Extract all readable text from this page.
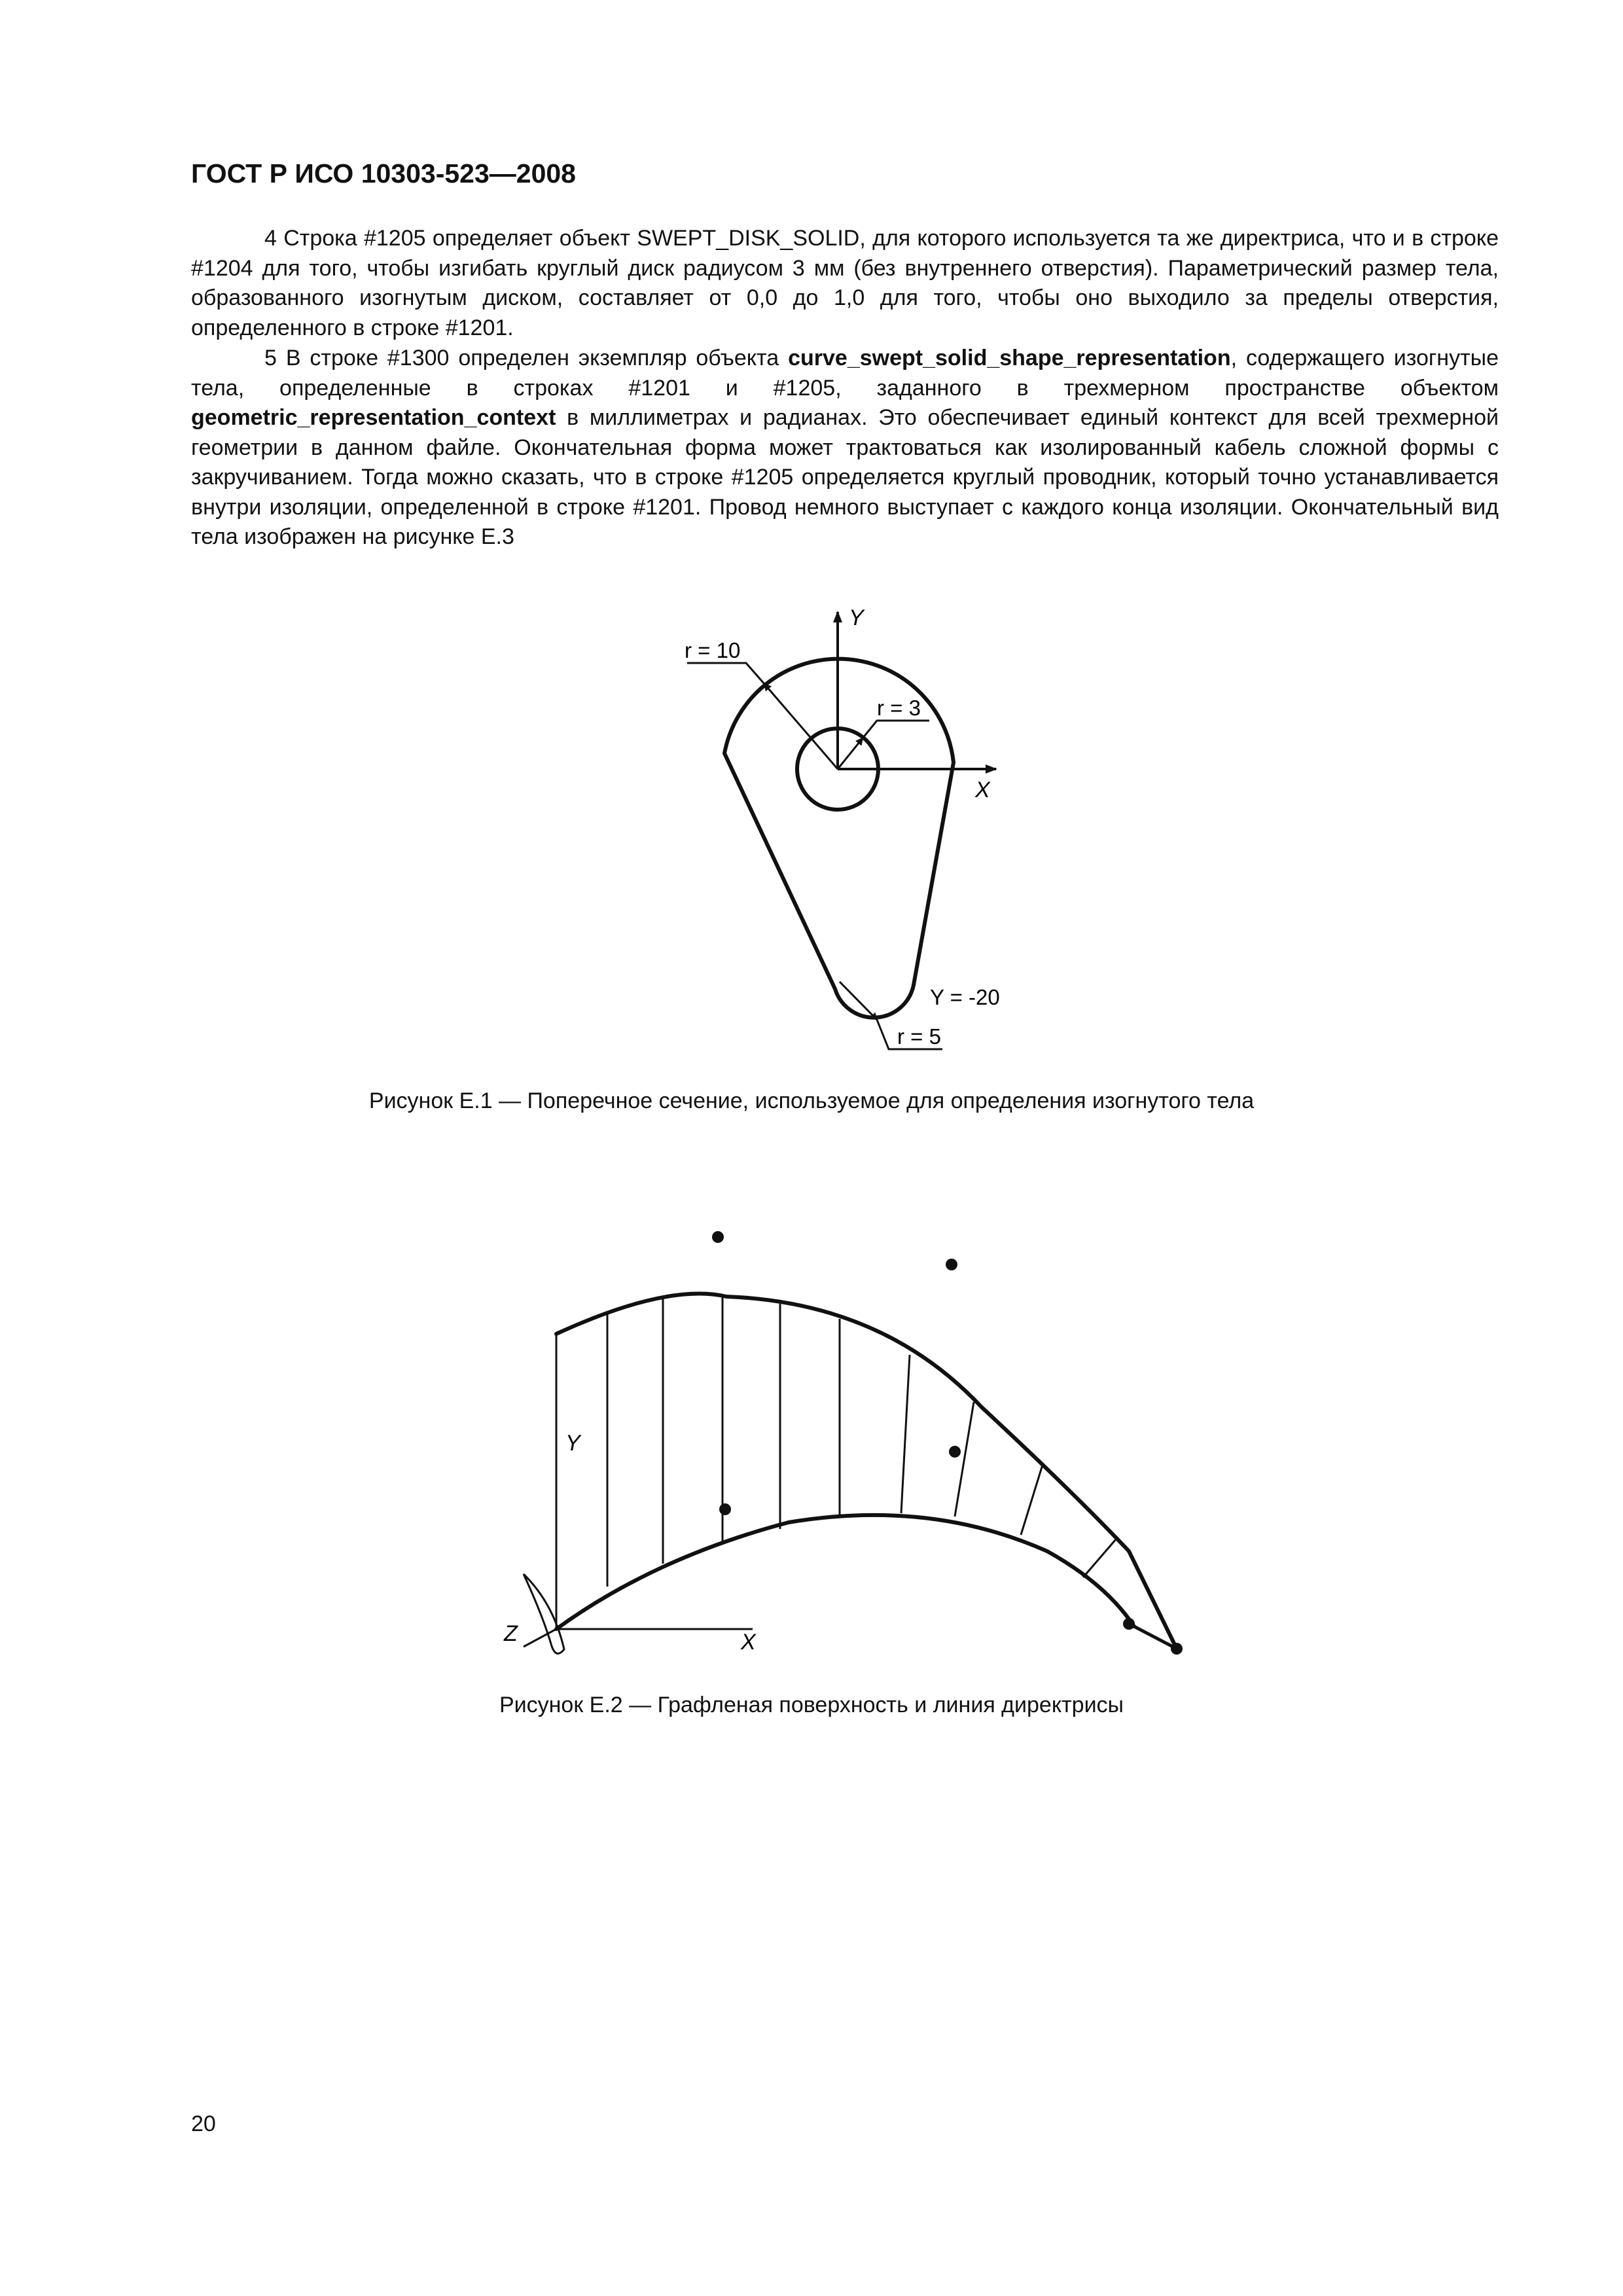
ГОСТ Р ИСО 10303-523—2008

4 Строка #1205 определяет объект SWEPT_DISK_SOLID, для которого используется та же директриса, что и в строке #1204 для того, чтобы изгибать круглый диск радиусом 3 мм (без внутреннего отверстия). Параметрический размер тела, образованного изогнутым диском, составляет от 0,0 до 1,0 для того, чтобы оно выходило за пределы отверстия, определенного в строке #1201.

5 В строке #1300 определен экземпляр объекта curve_swept_solid_shape_representation, содержащего изогнутые тела, определенные в строках #1201 и #1205, заданного в трехмерном пространстве объектом geometric_representation_context в миллиметрах и радианах. Это обеспечивает единый контекст для всей трехмерной геометрии в данном файле. Окончательная форма может трактоваться как изолированный кабель сложной формы с закручиванием. Тогда можно сказать, что в строке #1205 определяется круглый проводник, который точно устанавливается внутри изоляции, определенной в строке #1201. Провод немного выступает с каждого конца изоляции. Окончательный вид тела изображен на рисунке Е.3

Y
X
r = 10
r = 3
Y = -20
r = 5
Рисунок Е.1 — Поперечное сечение, используемое для определения изогнутого тела
Y
Z	X
Рисунок Е.2 — Графленая поверхность и линия директрисы
20
